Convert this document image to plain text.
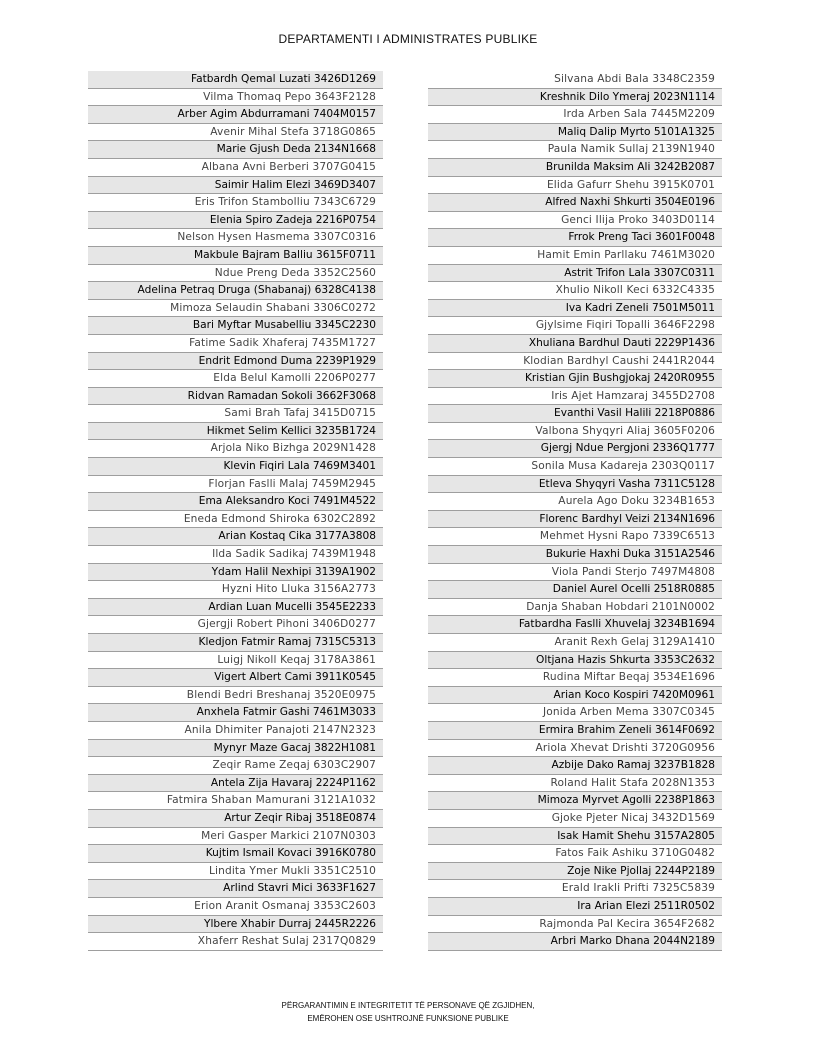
DEPARTAMENTI I ADMINISTRATES PUBLIKE
Fatbardh Qemal Luzati 3426D1269
Vilma Thomaq Pepo 3643F2128
Arber Agim Abdurramani 7404M0157
Avenir Mihal Stefa 3718G0865
Marie Gjush Deda 2134N1668
Albana Avni Berberi 3707G0415
Saimir Halim Elezi 3469D3407
Eris Trifon Stambolliu 7343C6729
Elenia Spiro Zadeja 2216P0754
Nelson Hysen Hasmema 3307C0316
Makbule Bajram Balliu 3615F0711
Ndue Preng Deda 3352C2560
Adelina Petraq Druga (Shabanaj) 6328C4138
Mimoza Selaudin Shabani 3306C0272
Bari Myftar Musabelliu 3345C2230
Fatime Sadik Xhaferaj 7435M1727
Endrit Edmond Duma 2239P1929
Elda Belul Kamolli 2206P0277
Ridvan Ramadan Sokoli 3662F3068
Sami Brah Tafaj 3415D0715
Hikmet Selim Kellici 3235B1724
Arjola Niko Bizhga 2029N1428
Klevin Fiqiri Lala 7469M3401
Florjan Faslli Malaj 7459M2945
Ema Aleksandro Koci 7491M4522
Eneda Edmond Shiroka 6302C2892
Arian Kostaq Cika 3177A3808
Ilda Sadik Sadikaj 7439M1948
Ydam Halil Nexhipi 3139A1902
Hyzni Hito Lluka 3156A2773
Ardian Luan Mucelli 3545E2233
Gjergji Robert Pihoni 3406D0277
Kledjon Fatmir Ramaj 7315C5313
Luigj Nikoll Keqaj 3178A3861
Vigert Albert Cami 3911K0545
Blendi Bedri Breshanaj 3520E0975
Anxhela Fatmir Gashi 7461M3033
Anila Dhimiter Panajoti 2147N2323
Mynyr Maze Gacaj 3822H1081
Zeqir Rame Zeqaj 6303C2907
Antela Zija Havaraj 2224P1162
Fatmira Shaban Mamurani 3121A1032
Artur Zeqir Ribaj 3518E0874
Meri Gasper Markici 2107N0303
Kujtim Ismail Kovaci 3916K0780
Lindita Ymer Mukli 3351C2510
Arlind Stavri Mici 3633F1627
Erion Aranit Osmanaj 3353C2603
Ylbere Xhabir Durraj 2445R2226
Xhaferr Reshat Sulaj 2317Q0829
Silvana Abdi Bala 3348C2359
Kreshnik Dilo Ymeraj 2023N1114
Irda Arben Sala 7445M2209
Maliq Dalip Myrto 5101A1325
Paula Namik Sullaj 2139N1940
Brunilda Maksim Ali 3242B2087
Elida Gafurr Shehu 3915K0701
Alfred Naxhi Shkurti 3504E0196
Genci Ilija Proko 3403D0114
Frrok Preng Taci 3601F0048
Hamit Emin Parllaku 7461M3020
Astrit Trifon Lala 3307C0311
Xhulio Nikoll Keci 6332C4335
Iva Kadri Zeneli 7501M5011
Gjylsime Fiqiri Topalli 3646F2298
Xhuliana Bardhul Dauti 2229P1436
Klodian Bardhyl Caushi 2441R2044
Kristian Gjin Bushgjokaj 2420R0955
Iris Ajet Hamzaraj 3455D2708
Evanthi Vasil Halili 2218P0886
Valbona Shyqyri Aliaj 3605F0206
Gjergj Ndue Pergjoni 2336Q1777
Sonila Musa Kadareja 2303Q0117
Etleva Shyqyri Vasha 7311C5128
Aurela Ago Doku 3234B1653
Florenc Bardhyl Veizi 2134N1696
Mehmet Hysni Rapo 7339C6513
Bukurie Haxhi Duka 3151A2546
Viola Pandi Sterjo 7497M4808
Daniel Aurel Ocelli 2518R0885
Danja Shaban Hobdari 2101N0002
Fatbardha Faslli Xhuvelaj 3234B1694
Aranit Rexh Gelaj 3129A1410
Oltjana Hazis Shkurta 3353C2632
Rudina Miftar Beqaj 3534E1696
Arian Koco Kospiri 7420M0961
Jonida Arben Mema 3307C0345
Ermira Brahim Zeneli 3614F0692
Ariola Xhevat Drishti 3720G0956
Azbije Dako Ramaj 3237B1828
Roland Halit Stafa 2028N1353
Mimoza Myrvet Agolli 2238P1863
Gjoke Pjeter Nicaj 3432D1569
Isak Hamit Shehu 3157A2805
Fatos Faik Ashiku 3710G0482
Zoje Nike Pjollaj 2244P2189
Erald Irakli Prifti 7325C5839
Ira Arian Elezi 2511R0502
Rajmonda Pal Kecira 3654F2682
Arbri Marko Dhana 2044N2189
PËRGARANTIMIN E INTEGRITETIT TË PERSONAVE QË ZGJIDHEN,
EMËROHEN OSE USHTROJNË FUNKSIONE PUBLIKE
